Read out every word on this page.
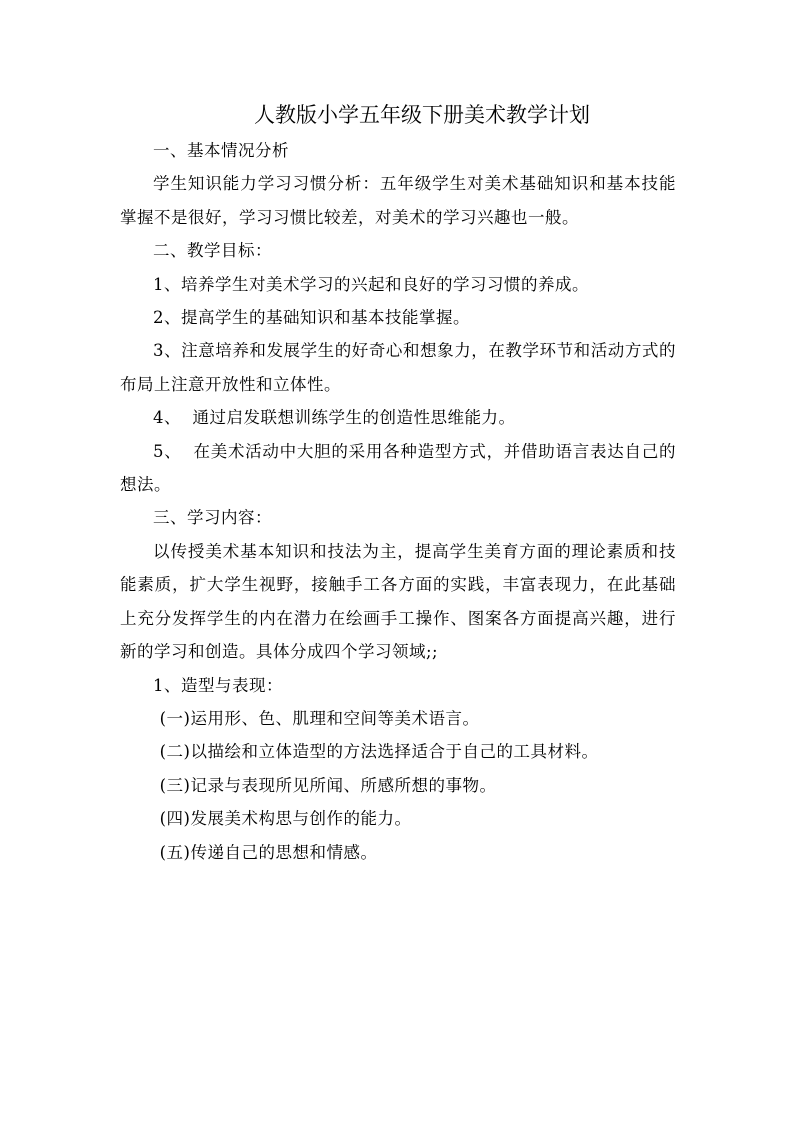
人教版小学五年级下册美术教学计划

一、基本情况分析

学生知识能力学习习惯分析：五年级学生对美术基础知识和基本技能掌握不是很好，学习习惯比较差，对美术的学习兴趣也一般。

二、教学目标：

1、培养学生对美术学习的兴起和良好的学习习惯的养成。

2、提高学生的基础知识和基本技能掌握。

3、注意培养和发展学生的好奇心和想象力，在教学环节和活动方式的布局上注意开放性和立体性。

4、  通过启发联想训练学生的创造性思维能力。

5、  在美术活动中大胆的采用各种造型方式，并借助语言表达自己的想法。

三、学习内容：

以传授美术基本知识和技法为主，提高学生美育方面的理论素质和技能素质，扩大学生视野，接触手工各方面的实践，丰富表现力，在此基础上充分发挥学生的内在潜力在绘画手工操作、图案各方面提高兴趣，进行新的学习和创造。具体分成四个学习领域;;

1、造型与表现：

(一)运用形、色、肌理和空间等美术语言。

(二)以描绘和立体造型的方法选择适合于自己的工具材料。

(三)记录与表现所见所闻、所感所想的事物。

(四)发展美术构思与创作的能力。

(五)传递自己的思想和情感。
